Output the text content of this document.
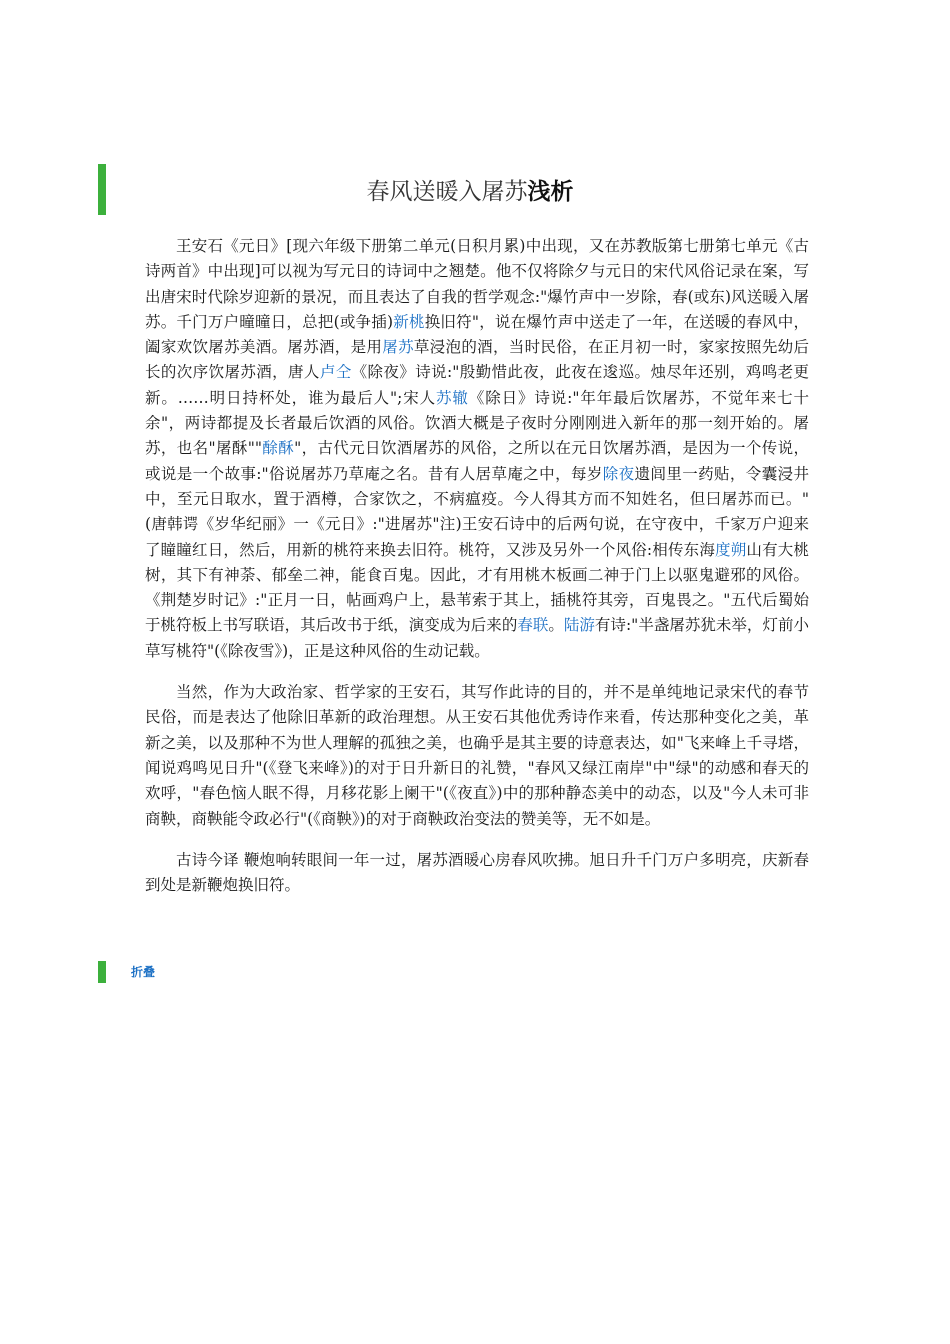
春风送暖入屠苏浅析

王安石《元日》[现六年级下册第二单元(日积月累)中出现，又在苏教版第七册第七单元《古诗两首》中出现]可以视为写元日的诗词中之翘楚。他不仅将除夕与元日的宋代风俗记录在案，写出唐宋时代除岁迎新的景况，而且表达了自我的哲学观念:"爆竹声中一岁除，春(或东)风送暖入屠苏。千门万户曈曈日，总把(或争插)新桃换旧符"，说在爆竹声中送走了一年，在送暖的春风中，阖家欢饮屠苏美酒。屠苏酒，是用屠苏草浸泡的酒，当时民俗，在正月初一时，家家按照先幼后长的次序饮屠苏酒，唐人卢仝《除夜》诗说:"殷勤惜此夜，此夜在逡巡。烛尽年还别，鸡鸣老更新。……明日持杯处，谁为最后人";宋人苏辙《除日》诗说:"年年最后饮屠苏，不觉年来七十余"，两诗都提及长者最后饮酒的风俗。饮酒大概是子夜时分刚刚进入新年的那一刻开始的。屠苏，也名"屠酥""酴酥"，古代元日饮酒屠苏的风俗，之所以在元日饮屠苏酒，是因为一个传说，或说是一个故事:"俗说屠苏乃草庵之名。昔有人居草庵之中，每岁除夜遗闾里一药贴，令囊浸井中，至元日取水，置于酒樽，合家饮之，不病瘟疫。今人得其方而不知姓名，但曰屠苏而已。"(唐韩谔《岁华纪丽》一《元日》:"进屠苏"注)王安石诗中的后两句说，在守夜中，千家万户迎来了瞳瞳红日，然后，用新的桃符来换去旧符。桃符，又涉及另外一个风俗:相传东海度朔山有大桃树，其下有神荼、郁垒二神，能食百鬼。因此，才有用桃木板画二神于门上以驱鬼避邪的风俗。《荆楚岁时记》:"正月一日，帖画鸡户上，悬苇索于其上，插桃符其旁，百鬼畏之。"五代后蜀始于桃符板上书写联语，其后改书于纸，演变成为后来的春联。陆游有诗:"半盏屠苏犹未举，灯前小草写桃符"(《除夜雪》)，正是这种风俗的生动记载。

当然，作为大政治家、哲学家的王安石，其写作此诗的目的，并不是单纯地记录宋代的春节民俗，而是表达了他除旧革新的政治理想。从王安石其他优秀诗作来看，传达那种变化之美，革新之美，以及那种不为世人理解的孤独之美，也确乎是其主要的诗意表达，如"飞来峰上千寻塔，闻说鸡鸣见日升"(《登飞来峰》)的对于日升新日的礼赞，"春风又绿江南岸"中"绿"的动感和春天的欢呼，"春色恼人眠不得，月移花影上阑干"(《夜直》)中的那种静态美中的动态，以及"今人未可非商鞅，商鞅能令政必行"(《商鞅》)的对于商鞅政治变法的赞美等，无不如是。

古诗今译 鞭炮响转眼间一年一过，屠苏酒暖心房春风吹拂。旭日升千门万户多明亮，庆新春到处是新鞭炮换旧符。

折叠
